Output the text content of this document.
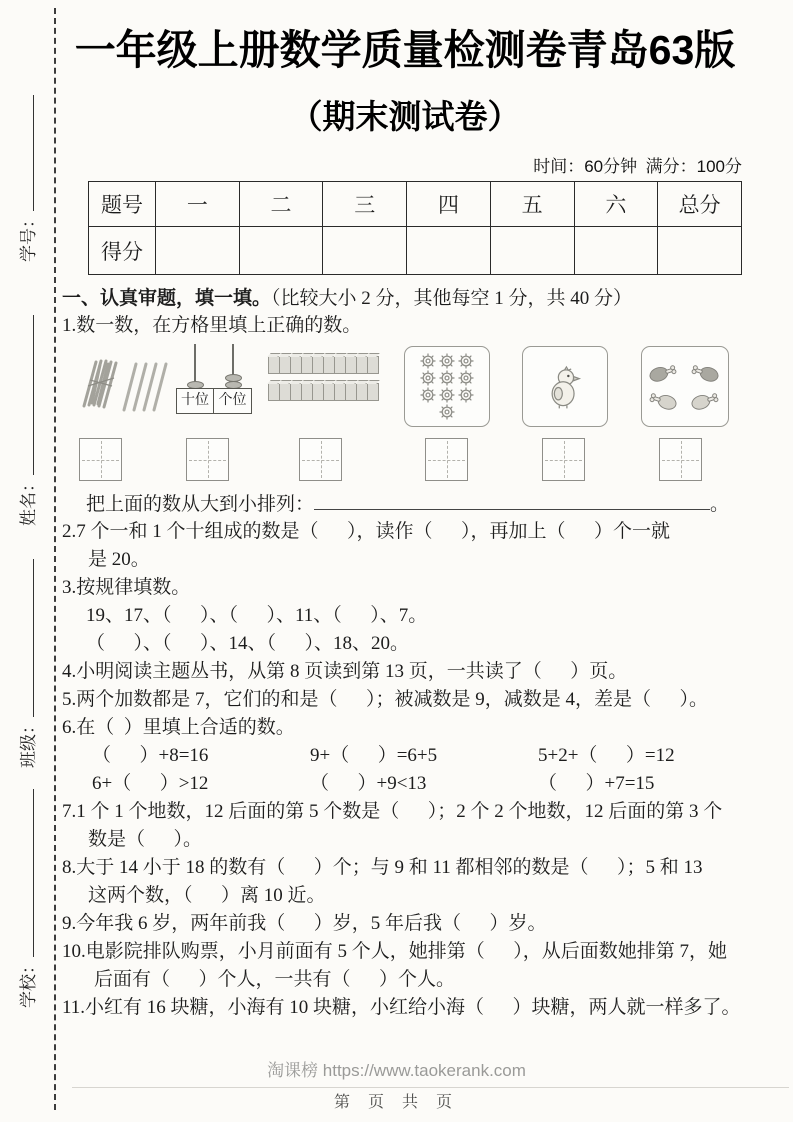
学号：
姓名：
班级：
学校：
一年级上册数学质量检测卷青岛63版
（期末测试卷）
时间：60分钟 满分：100分
题号	一	二	三	四	五	六	总分
得分							
一、认真审题，填一填。（比较大小 2 分，其他每空 1 分，共 40 分）

1.数一数，在方格里填上正确的数。

十位 个位
把上面的数从大到小排列：	。

2.7 个一和 1 个十组成的数是（  ），读作（  ），再加上（  ）个一就
是 20。

3.按规律填数。

19、17、（  ）、（  ）、11、（  ）、7。

（  ）、（  ）、14、（  ）、18、20。

4.小明阅读主题丛书，从第 8 页读到第 13 页，一共读了（  ）页。

5.两个加数都是 7，它们的和是（  ）；被减数是 9，减数是 4，差是（  ）。

6.在（ ）里填上合适的数。

（  ）+8=16	9+（  ）=6+5	5+2+（  ）=12
6+（  ）>12	（  ）+9<13	（  ）+7=15

7.1 个 1 个地数，12 后面的第 5 个数是（  ）；2 个 2 个地数，12 后面的第 3 个
数是（  ）。

8.大于 14 小于 18 的数有（  ）个；与 9 和 11 都相邻的数是（  ）；5 和 13
这两个数，（  ）离 10 近。

9.今年我 6 岁，两年前我（  ）岁，5 年后我（  ）岁。

10.电影院排队购票，小月前面有 5 个人，她排第（  ），从后面数她排第 7，她
后面有（  ）个人，一共有（  ）个人。

11.小红有 16 块糖，小海有 10 块糖，小红给小海（  ）块糖，两人就一样多了。

淘课榜 https://www.taokerank.com
第 页 共 页
